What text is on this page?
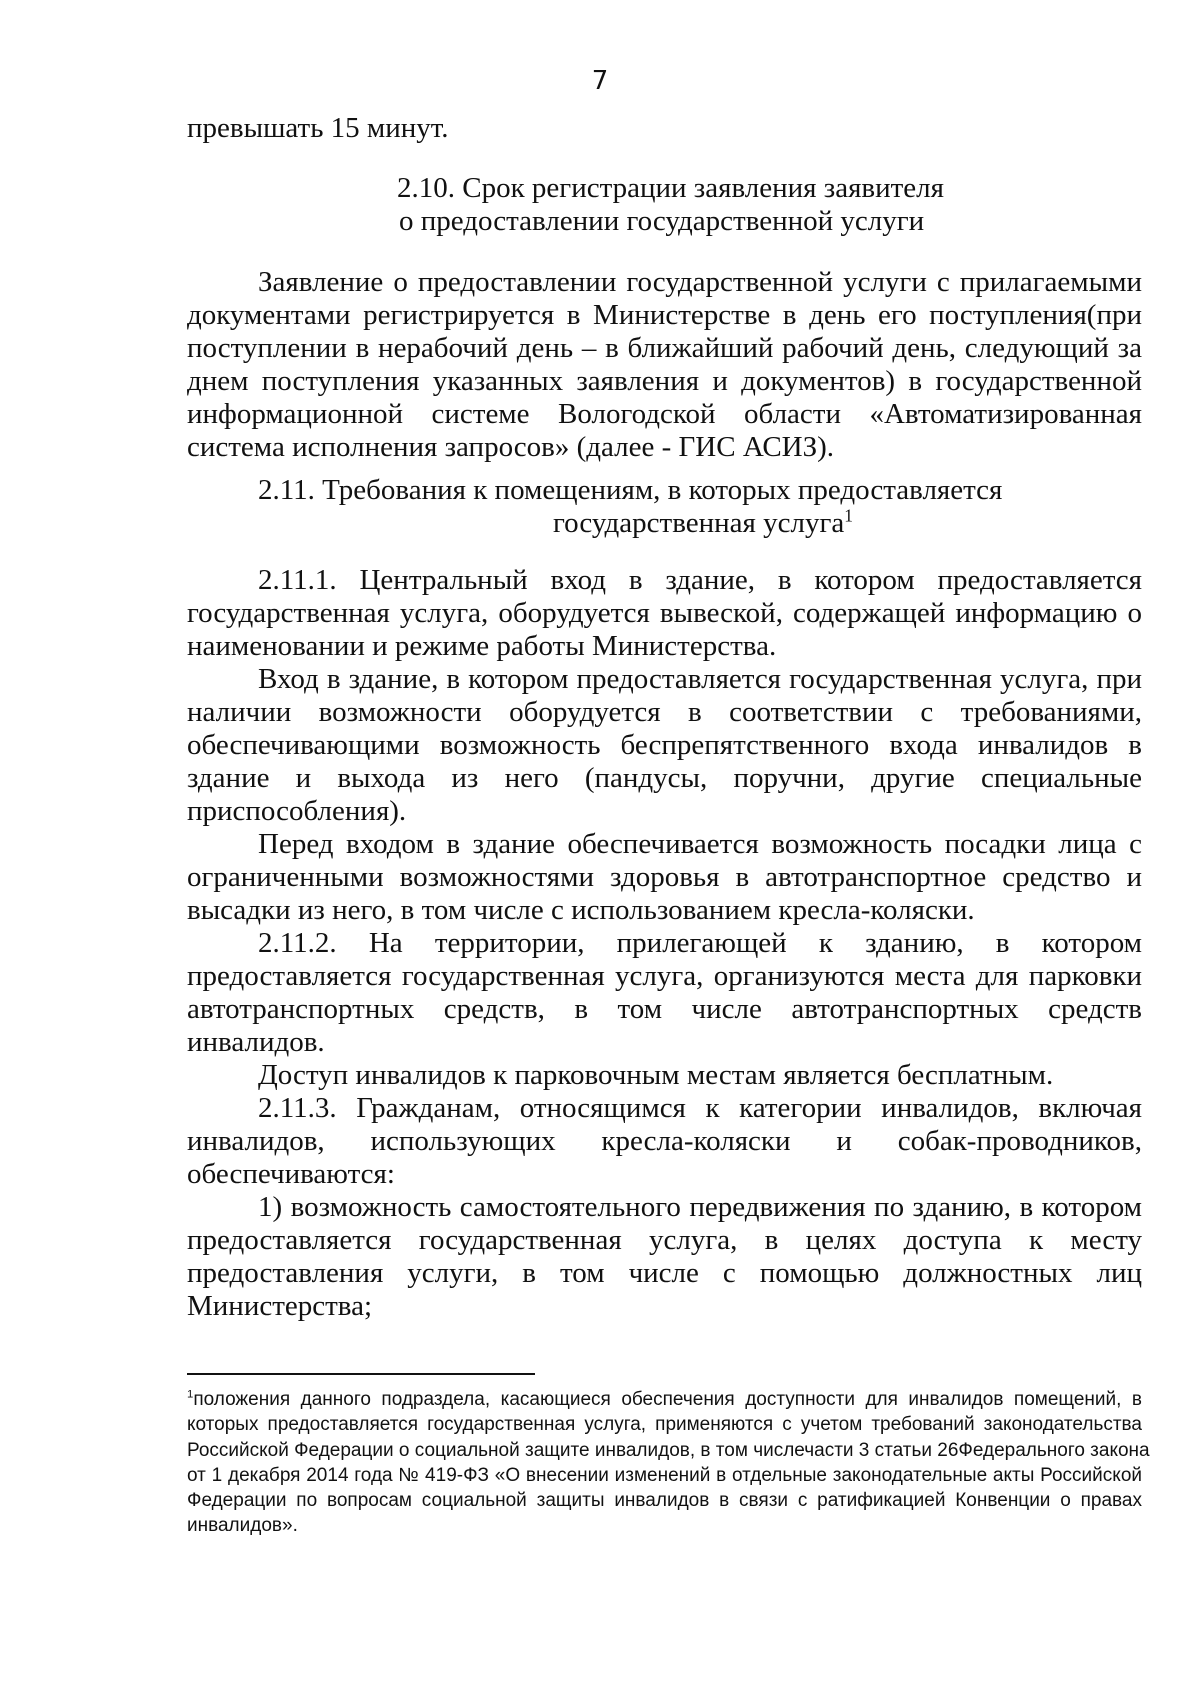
7
превышать 15 минут.
2.10. Срок регистрации заявления заявителя
о предоставлении государственной услуги
Заявление о предоставлении государственной услуги с прилагаемыми
документами регистрируется в Министерстве в день его поступления(при
поступлении в нерабочий день – в ближайший рабочий день, следующий за
днем поступления указанных заявления и документов) в государственной
информационной системе Вологодской области «Автоматизированная
система исполнения запросов» (далее - ГИС АСИЗ).
2.11. Требования к помещениям, в которых предоставляется
государственная услуга$^1$
2.11.1. Центральный вход в здание, в котором предоставляется
государственная услуга, оборудуется вывеской, содержащей информацию о
наименовании и режиме работы Министерства.
Вход в здание, в котором предоставляется государственная услуга, при
наличии возможности оборудуется в соответствии с требованиями,
обеспечивающими возможность беспрепятственного входа инвалидов в
здание и выхода из него (пандусы, поручни, другие специальные
приспособления).
Перед входом в здание обеспечивается возможность посадки лица с
ограниченными возможностями здоровья в автотранспортное средство и
высадки из него, в том числе с использованием кресла-коляски.
2.11.2. На территории, прилегающей к зданию, в котором
предоставляется государственная услуга, организуются места для парковки
автотранспортных средств, в том числе автотранспортных средств
инвалидов.
Доступ инвалидов к парковочным местам является бесплатным.
2.11.3. Гражданам, относящимся к категории инвалидов, включая
инвалидов, использующих кресла-коляски и собак-проводников,
обеспечиваются:
1) возможность самостоятельного передвижения по зданию, в котором
предоставляется государственная услуга, в целях доступа к месту
предоставления услуги, в том числе с помощью должностных лиц
Министерства;
$^1$положения данного подраздела, касающиеся обеспечения доступности для инвалидов помещений, в
которых предоставляется государственная услуга, применяются с учетом требований законодательства
Российской Федерации о социальной защите инвалидов, в том числечасти 3 статьи 26Федерального закона
от 1 декабря 2014 года № 419-ФЗ «О внесении изменений в отдельные законодательные акты Российской
Федерации по вопросам социальной защиты инвалидов в связи с ратификацией Конвенции о правах
инвалидов».
